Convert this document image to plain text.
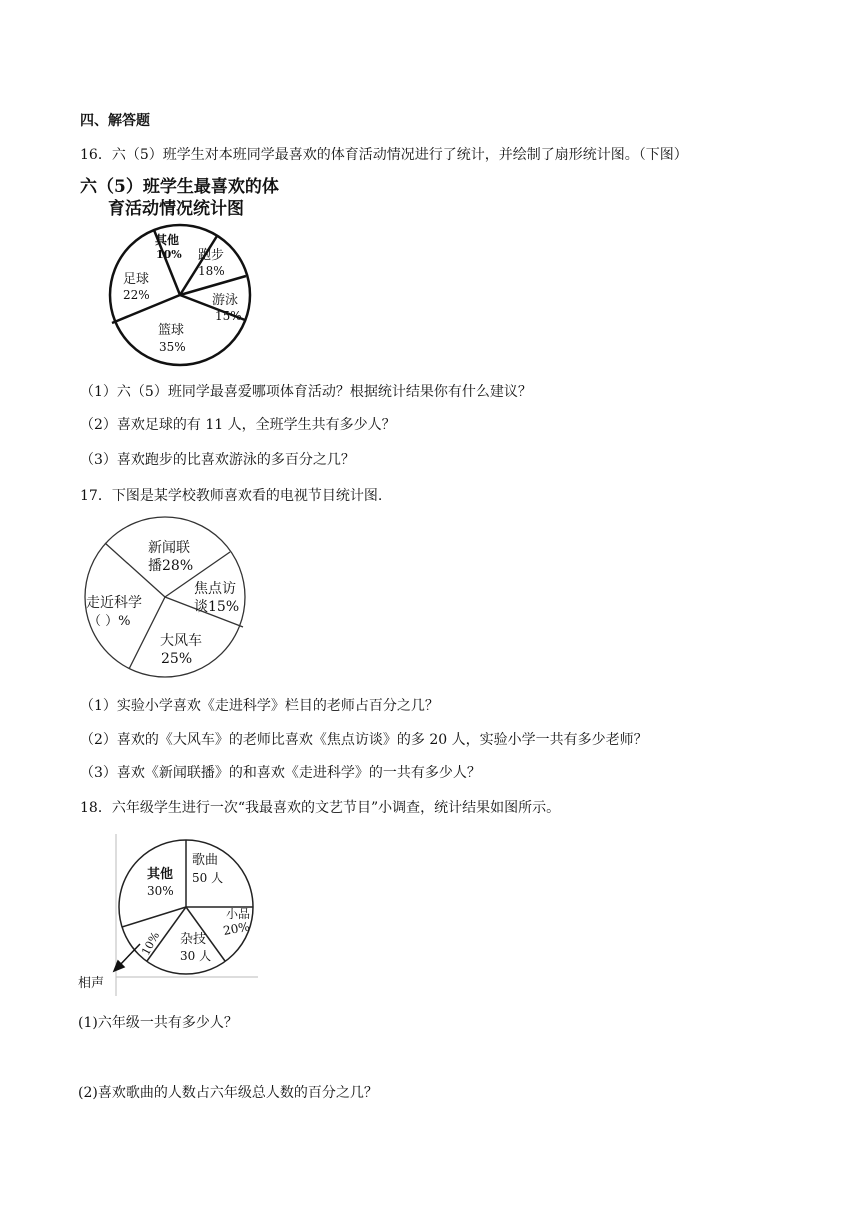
四、解答题
16．六（5）班学生对本班同学最喜欢的体育活动情况进行了统计，并绘制了扇形统计图。（下图）
六（5）班学生最喜欢的体
育活动情况统计图
其他
10% 跑步
18%
游泳
15%
篮球
35%
足球
22%
（1）六（5）班同学最喜爱哪项体育活动？根据统计结果你有什么建议？
（2）喜欢足球的有 11 人，全班学生共有多少人？
（3）喜欢跑步的比喜欢游泳的多百分之几？
17．下图是某学校教师喜欢看的电视节目统计图.
新闻联
播28%
焦点访
谈15%
大风车
25%
走近科学
（ ）%
（1）实验小学喜欢《走进科学》栏目的老师占百分之几？
（2）喜欢的《大风车》的老师比喜欢《焦点访谈》的多 20 人，实验小学一共有多少老师？
（3）喜欢《新闻联播》的和喜欢《走进科学》的一共有多少人？
18．六年级学生进行一次“我最喜欢的文艺节目”小调查，统计结果如图所示。
其他
30%
歌曲
50 人
小品
20%
杂技
30 人
10%
相声
(1)六年级一共有多少人？
(2)喜欢歌曲的人数占六年级总人数的百分之几？
